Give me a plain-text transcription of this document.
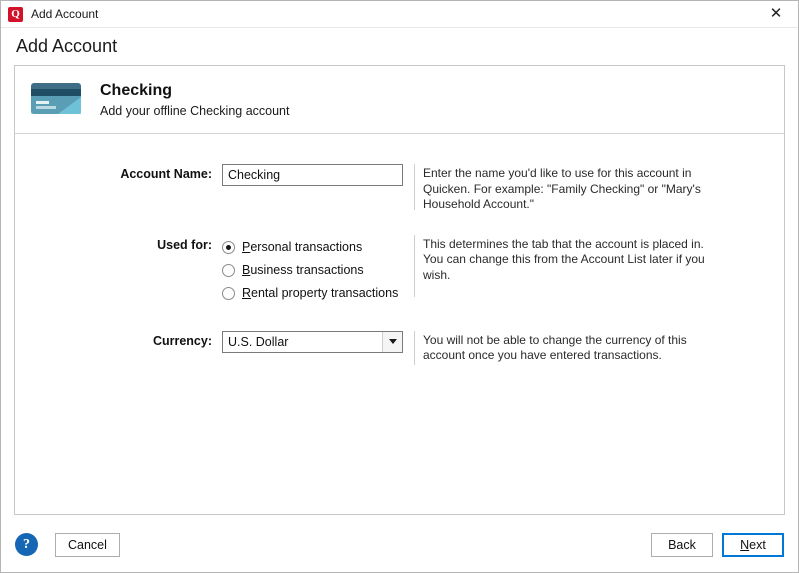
Q Add Account	✕
Add Account
Checking
Add your offline Checking account
Account Name:
Checking	Enter the name you'd like to use for this account in Quicken. For example: "Family Checking" or "Mary's Household Account."
Used for:	Personal transactions
Business transactions
Rental property transactions
This determines the tab that the account is placed in. You can change this from the Account List later if you wish.
Currency:	U.S. Dollar	You will not be able to change the currency of this account once you have entered transactions.
?	Cancel	Back	N ext
